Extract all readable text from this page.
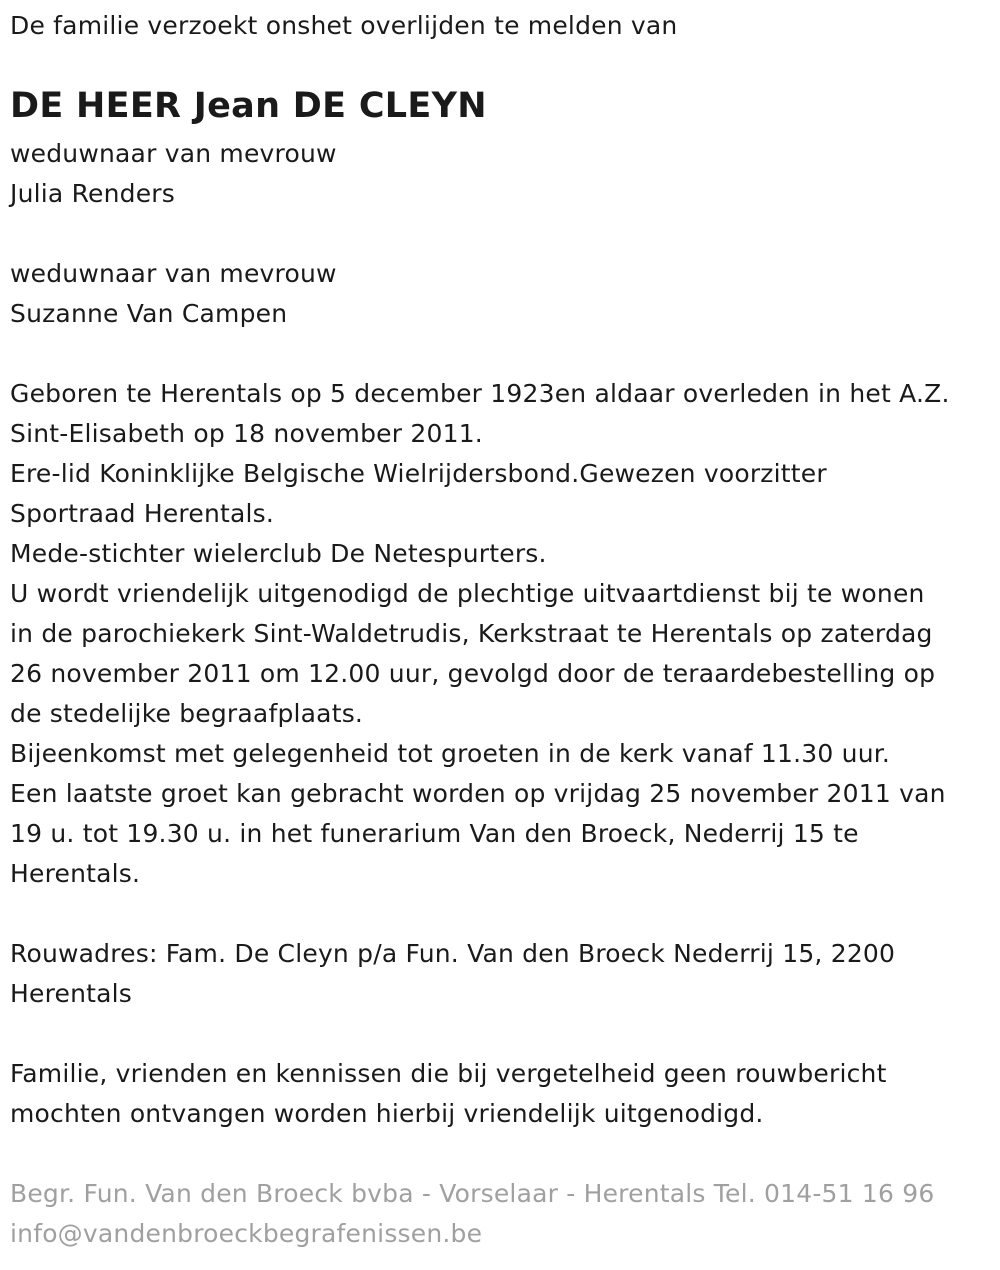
De familie verzoekt onshet overlijden te melden van
DE HEER Jean DE CLEYN
weduwnaar van mevrouw
Julia Renders
weduwnaar van mevrouw
Suzanne Van Campen
Geboren te Herentals op 5 december 1923en aldaar overleden in het A.Z.
Sint-Elisabeth op 18 november 2011.
Ere-lid Koninklijke Belgische Wielrijdersbond.Gewezen voorzitter
Sportraad Herentals.
Mede-stichter wielerclub De Netespurters.
U wordt vriendelijk uitgenodigd de plechtige uitvaartdienst bij te wonen
in de parochiekerk Sint-Waldetrudis, Kerkstraat te Herentals op zaterdag
26 november 2011 om 12.00 uur, gevolgd door de teraardebestelling op
de stedelijke begraafplaats.
Bijeenkomst met gelegenheid tot groeten in de kerk vanaf 11.30 uur.
Een laatste groet kan gebracht worden op vrijdag 25 november 2011 van
19 u. tot 19.30 u. in het funerarium Van den Broeck, Nederrij 15 te
Herentals.
Rouwadres: Fam. De Cleyn p/a Fun. Van den Broeck Nederrij 15, 2200
Herentals
Familie, vrienden en kennissen die bij vergetelheid geen rouwbericht
mochten ontvangen worden hierbij vriendelijk uitgenodigd.
Begr. Fun. Van den Broeck bvba - Vorselaar - Herentals Tel. 014-51 16 96
info@vandenbroeckbegrafenissen.be
